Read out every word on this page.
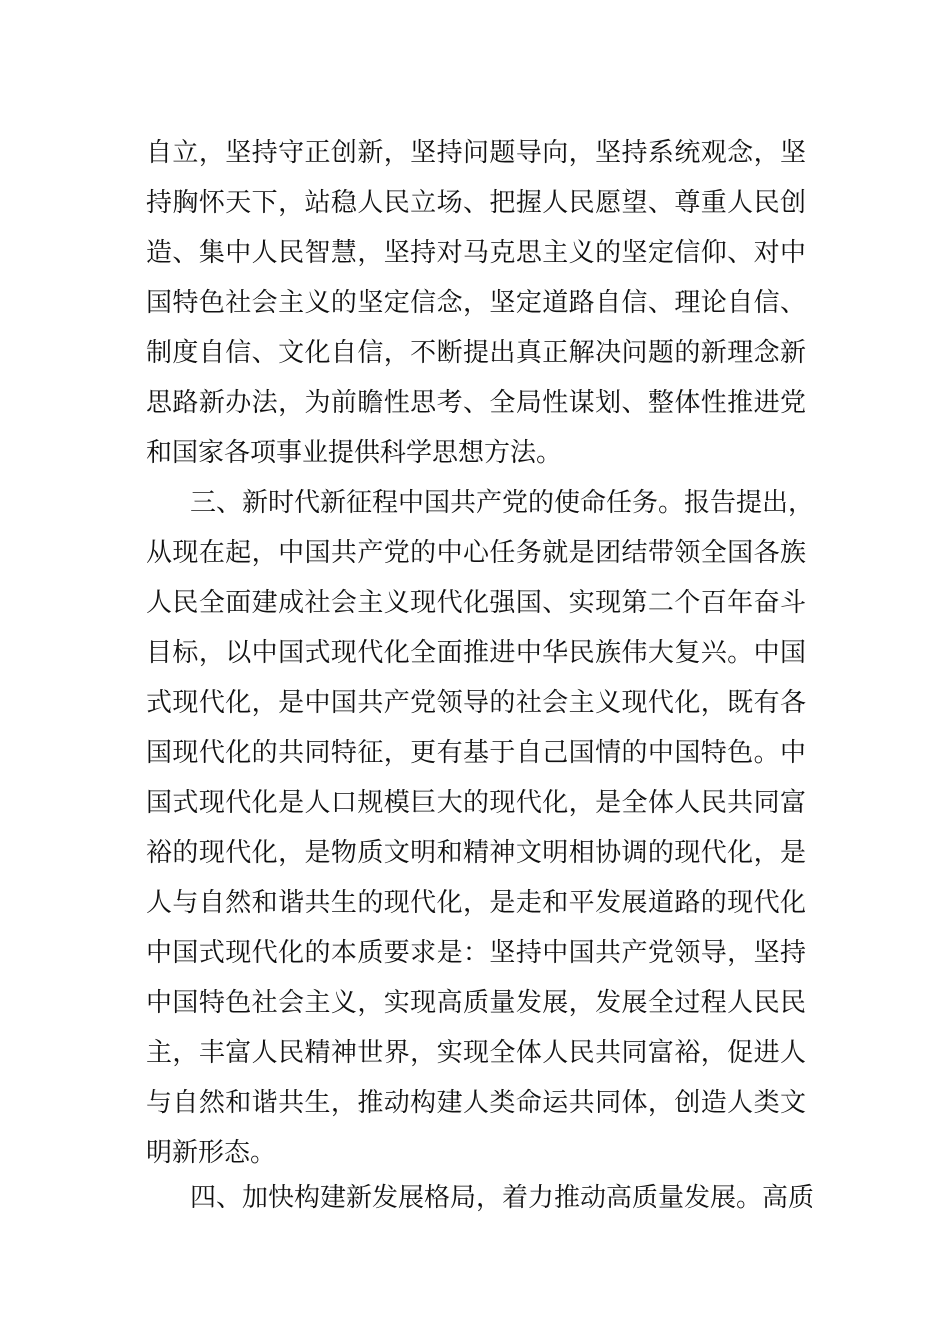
自立，坚持守正创新，坚持问题导向，坚持系统观念，坚
持胸怀天下，站稳人民立场、把握人民愿望、尊重人民创
造、集中人民智慧，坚持对马克思主义的坚定信仰、对中
国特色社会主义的坚定信念，坚定道路自信、理论自信、
制度自信、文化自信，不断提出真正解决问题的新理念新
思路新办法，为前瞻性思考、全局性谋划、整体性推进党
和国家各项事业提供科学思想方法。
三、新时代新征程中国共产党的使命任务。报告提出，
从现在起，中国共产党的中心任务就是团结带领全国各族
人民全面建成社会主义现代化强国、实现第二个百年奋斗
目标，以中国式现代化全面推进中华民族伟大复兴。中国
式现代化，是中国共产党领导的社会主义现代化，既有各
国现代化的共同特征，更有基于自己国情的中国特色。中
国式现代化是人口规模巨大的现代化，是全体人民共同富
裕的现代化，是物质文明和精神文明相协调的现代化，是
人与自然和谐共生的现代化，是走和平发展道路的现代化
中国式现代化的本质要求是：坚持中国共产党领导，坚持
中国特色社会主义，实现高质量发展，发展全过程人民民
主，丰富人民精神世界，实现全体人民共同富裕，促进人
与自然和谐共生，推动构建人类命运共同体，创造人类文
明新形态。
四、加快构建新发展格局，着力推动高质量发展。高质
